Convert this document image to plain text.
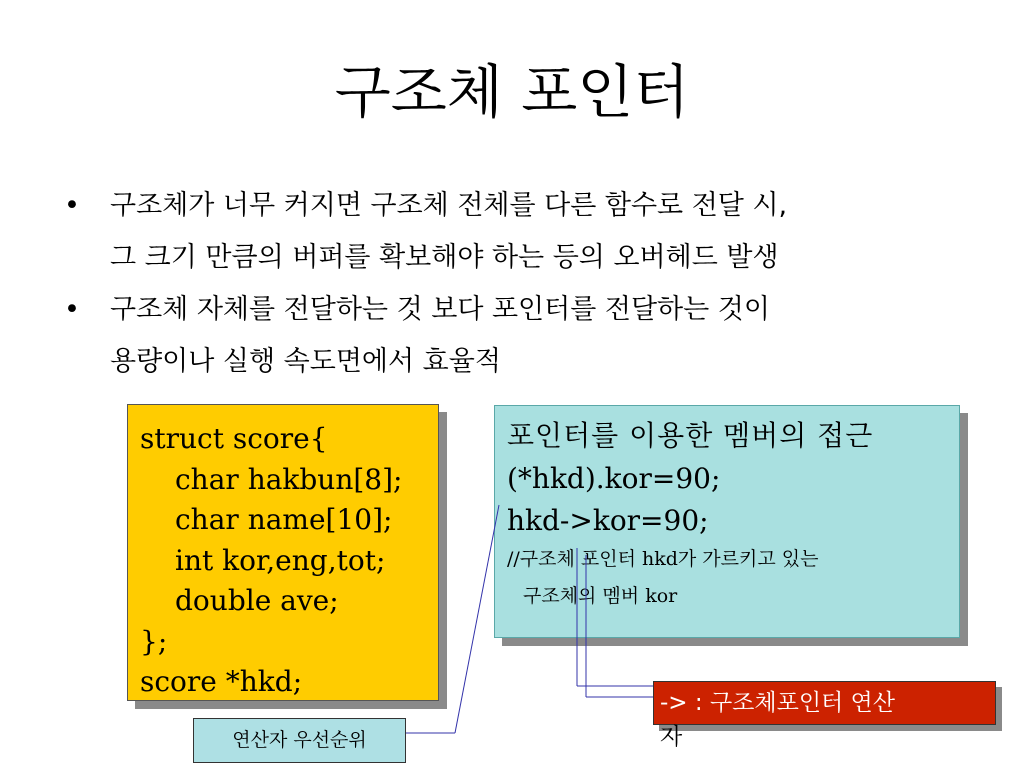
구조체 포인터
•	구조체가 너무 커지면 구조체 전체를 다른 함수로 전달 시,
그 크기 만큼의 버퍼를 확보해야 하는 등의 오버헤드 발생
•	구조체 자체를 전달하는 것 보다 포인터를 전달하는 것이
용량이나 실행 속도면에서 효율적
struct score{
char hakbun[8];
char name[10];
int kor,eng,tot;
double ave;
};
score *hkd;
포인터를 이용한 멤버의 접근
(*hkd).kor=90;
hkd->kor=90;
//구조체 포인터 hkd가 가르키고 있는
구조체의 멤버 kor
-> : 구조체포인터 연산
자
연산자 우선순위
